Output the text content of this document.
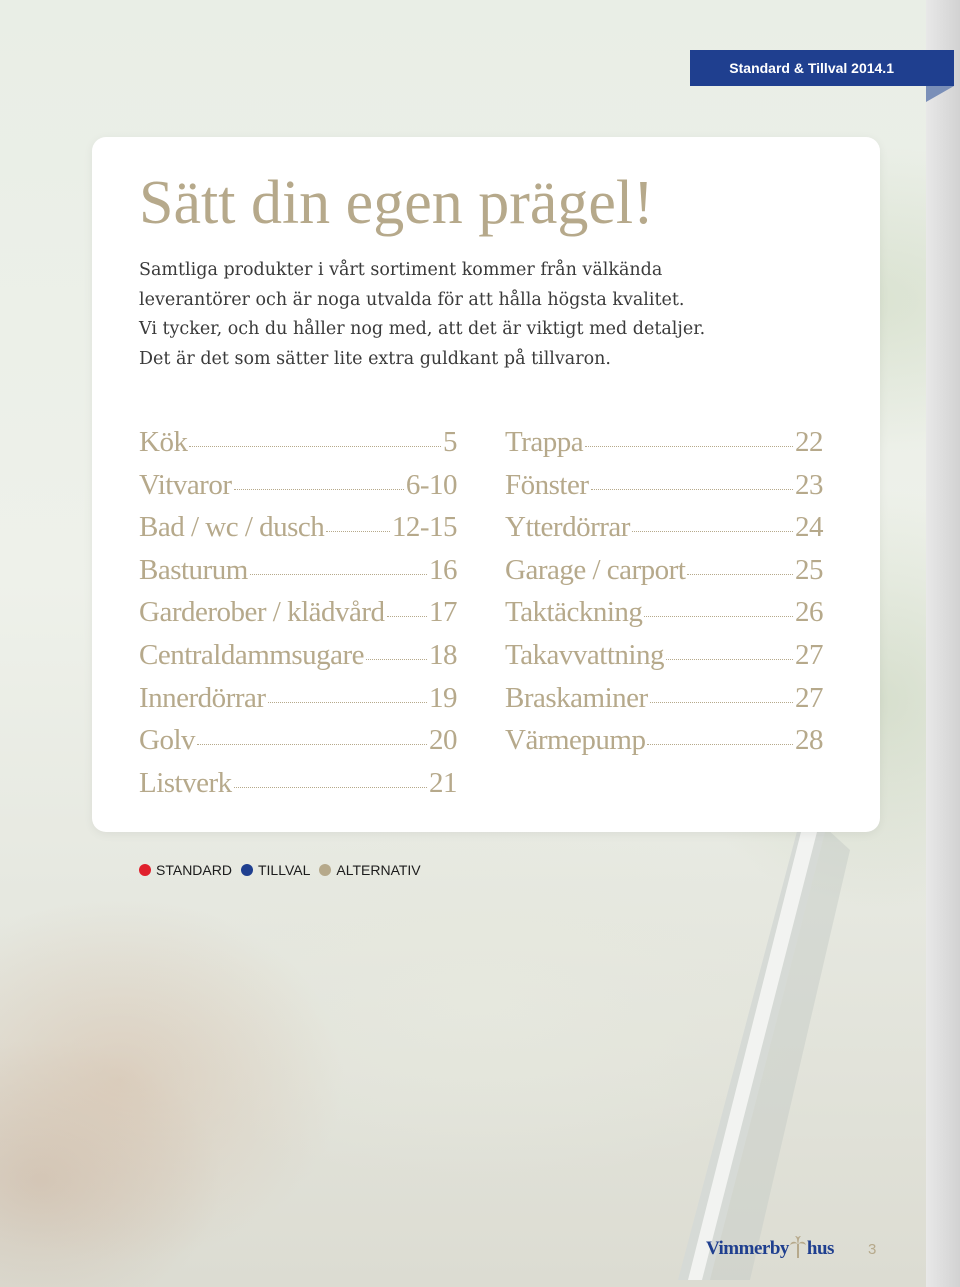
Standard & Tillval 2014.1
Sätt din egen prägel!
Samtliga produkter i vårt sortiment kommer från välkända
leverantörer och är noga utvalda för att hålla högsta kvalitet.
Vi tycker, och du håller nog med, att det är viktigt med detaljer.
Det är det som sätter lite extra guldkant på tillvaron.
Kök	5
Vitvaror	6-10
Bad / wc / dusch 12-15
Basturum	16
Garderober / klädvård 17
Centraldammsugare 18
Innerdörrar	19
Golv	20
Listverk	21
Trappa	22
Fönster	23
Ytterdörrar	24
Garage / carport	25
Taktäckning	26
Takavvattning	27
Braskaminer	27
Värmepump	28
STANDARD TILLVAL ALTERNATIV
Vimmerby hus 3
